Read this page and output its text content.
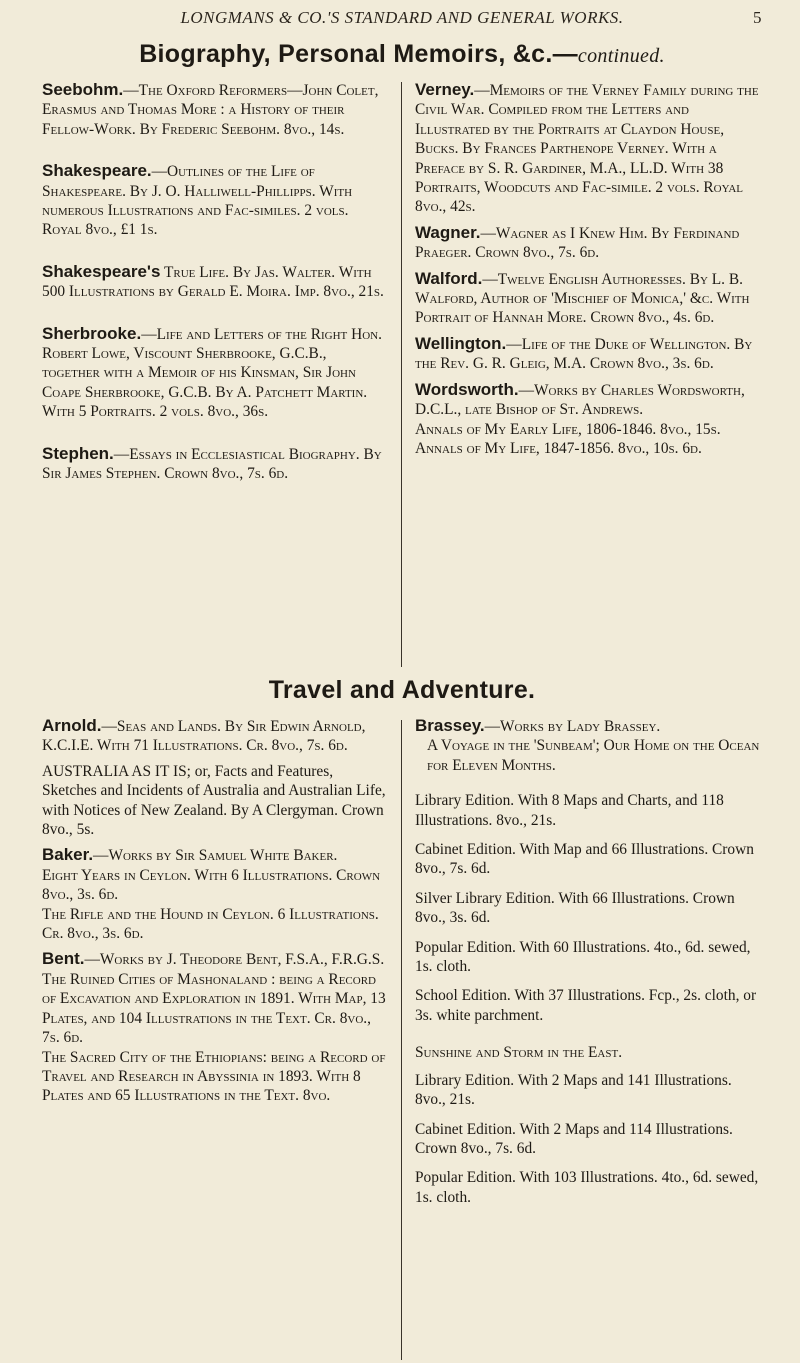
LONGMANS & CO.'S STANDARD AND GENERAL WORKS.	5
Biography, Personal Memoirs, &c.—continued.

Seebohm.—The Oxford Reformers—John Colet, Erasmus and Thomas More : a History of their Fellow-Work. By Frederic Seebohm. 8vo., 14s.

Shakespeare.—Outlines of the Life of Shakespeare. By J. O. Halliwell-Phillipps. With numerous Illustrations and Fac-similes. 2 vols. Royal 8vo., £1 1s.

Shakespeare's True Life. By Jas. Walter. With 500 Illustrations by Gerald E. Moira. Imp. 8vo., 21s.

Sherbrooke.—Life and Letters of the Right Hon. Robert Lowe, Viscount Sherbrooke, G.C.B., together with a Memoir of his Kinsman, Sir John Coape Sherbrooke, G.C.B. By A. Patchett Martin. With 5 Portraits. 2 vols. 8vo., 36s.

Stephen.—Essays in Ecclesiastical Biography. By Sir James Stephen. Crown 8vo., 7s. 6d.

Verney.—Memoirs of the Verney Family during the Civil War. Compiled from the Letters and Illustrated by the Portraits at Claydon House, Bucks. By Frances Parthenope Verney. With a Preface by S. R. Gardiner, M.A., LL.D. With 38 Portraits, Woodcuts and Fac-simile. 2 vols. Royal 8vo., 42s.

Wagner.—Wagner as I Knew Him. By Ferdinand Praeger. Crown 8vo., 7s. 6d.

Walford.—Twelve English Authoresses. By L. B. Walford, Author of 'Mischief of Monica,' &c. With Portrait of Hannah More. Crown 8vo., 4s. 6d.

Wellington.—Life of the Duke of Wellington. By the Rev. G. R. Gleig, M.A. Crown 8vo., 3s. 6d.

Wordsworth.—Works by Charles Wordsworth, D.C.L., late Bishop of St. Andrews.

Annals of My Early Life, 1806-1846. 8vo., 15s.

Annals of My Life, 1847-1856. 8vo., 10s. 6d.

Travel and Adventure.

Arnold.—Seas and Lands. By Sir Edwin Arnold, K.C.I.E. With 71 Illustrations. Cr. 8vo., 7s. 6d.

AUSTRALIA AS IT IS; or, Facts and Features, Sketches and Incidents of Australia and Australian Life, with Notices of New Zealand. By A Clergyman. Crown 8vo., 5s.

Baker.—Works by Sir Samuel White Baker.

Eight Years in Ceylon. With 6 Illustrations. Crown 8vo., 3s. 6d.

The Rifle and the Hound in Ceylon. 6 Illustrations. Cr. 8vo., 3s. 6d.

Bent.—Works by J. Theodore Bent, F.S.A., F.R.G.S.

The Ruined Cities of Mashonaland : being a Record of Excavation and Exploration in 1891. With Map, 13 Plates, and 104 Illustrations in the Text. Cr. 8vo., 7s. 6d.

The Sacred City of the Ethiopians: being a Record of Travel and Research in Abyssinia in 1893. With 8 Plates and 65 Illustrations in the Text. 8vo.

Brassey.—Works by Lady Brassey.

A Voyage in the 'Sunbeam'; Our Home on the Ocean for Eleven Months.

Library Edition. With 8 Maps and Charts, and 118 Illustrations. 8vo., 21s.

Cabinet Edition. With Map and 66 Illustrations. Crown 8vo., 7s. 6d.

Silver Library Edition. With 66 Illustrations. Crown 8vo., 3s. 6d.

Popular Edition. With 60 Illustrations. 4to., 6d. sewed, 1s. cloth.

School Edition. With 37 Illustrations. Fcp., 2s. cloth, or 3s. white parchment.

Sunshine and Storm in the East.

Library Edition. With 2 Maps and 141 Illustrations. 8vo., 21s.

Cabinet Edition. With 2 Maps and 114 Illustrations. Crown 8vo., 7s. 6d.

Popular Edition. With 103 Illustrations. 4to., 6d. sewed, 1s. cloth.
